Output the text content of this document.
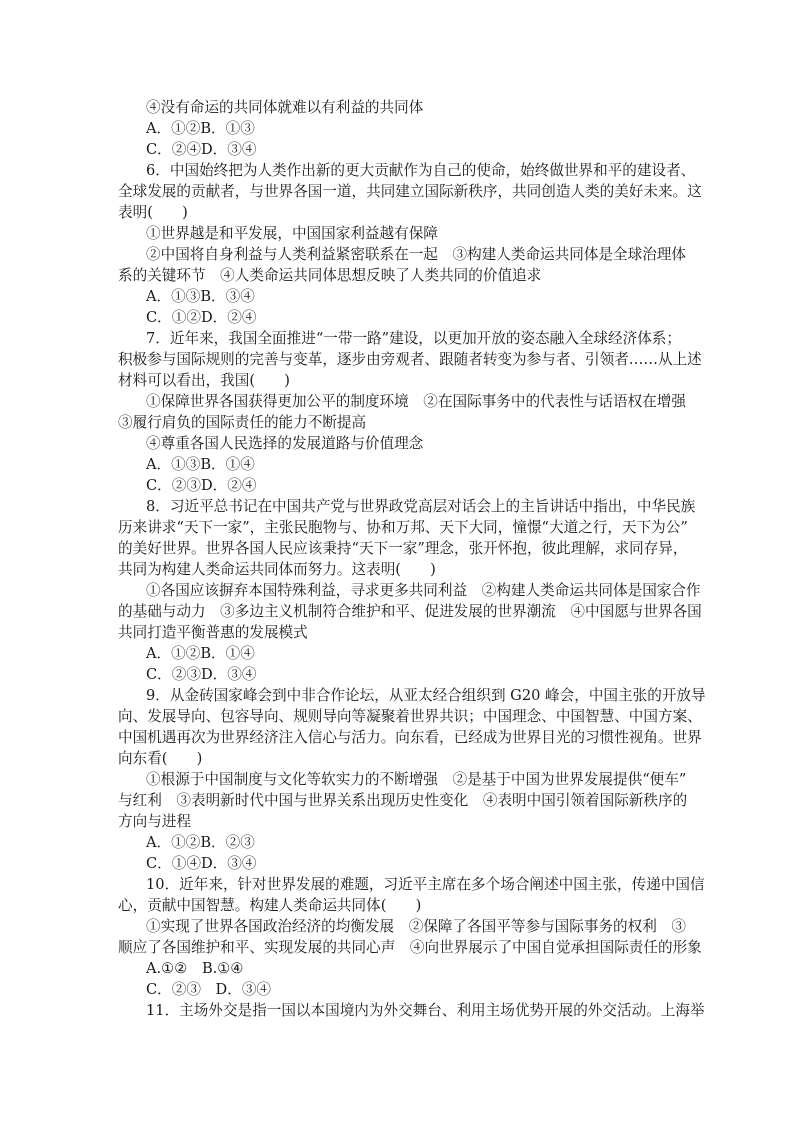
④没有命运的共同体就难以有利益的共同体
A．①②B．①③
C．②④D．③④
6．中国始终把为人类作出新的更大贡献作为自己的使命，始终做世界和平的建设者、
全球发展的贡献者，与世界各国一道，共同建立国际新秩序，共同创造人类的美好未来。这
表明(　　)
①世界越是和平发展，中国国家利益越有保障
②中国将自身利益与人类利益紧密联系在一起　③构建人类命运共同体是全球治理体
系的关键环节　④人类命运共同体思想反映了人类共同的价值追求
A．①③B．③④
C．①②D．②④
7．近年来，我国全面推进“一带一路”建设，以更加开放的姿态融入全球经济体系；
积极参与国际规则的完善与变革，逐步由旁观者、跟随者转变为参与者、引领者……从上述
材料可以看出，我国(　　)
①保障世界各国获得更加公平的制度环境　②在国际事务中的代表性与话语权在增强
③履行肩负的国际责任的能力不断提高
④尊重各国人民选择的发展道路与价值理念
A．①③B．①④
C．②③D．②④
8．习近平总书记在中国共产党与世界政党高层对话会上的主旨讲话中指出，中华民族
历来讲求“天下一家”，主张民胞物与、协和万邦、天下大同，憧憬“大道之行，天下为公”
的美好世界。世界各国人民应该秉持“天下一家”理念，张开怀抱，彼此理解，求同存异，
共同为构建人类命运共同体而努力。这表明(　　)
①各国应该摒弃本国特殊利益，寻求更多共同利益　②构建人类命运共同体是国家合作
的基础与动力　③多边主义机制符合维护和平、促进发展的世界潮流　④中国愿与世界各国
共同打造平衡普惠的发展模式
A．①②B．①④
C．②③D．③④
9．从金砖国家峰会到中非合作论坛，从亚太经合组织到 G20 峰会，中国主张的开放导
向、发展导向、包容导向、规则导向等凝聚着世界共识；中国理念、中国智慧、中国方案、
中国机遇再次为世界经济注入信心与活力。向东看，已经成为世界目光的习惯性视角。世界
向东看(　　)
①根源于中国制度与文化等软实力的不断增强　②是基于中国为世界发展提供“便车”
与红利　③表明新时代中国与世界关系出现历史性变化　④表明中国引领着国际新秩序的
方向与进程
A．①②B．②③
C．①④D．③④
10．近年来，针对世界发展的难题，习近平主席在多个场合阐述中国主张，传递中国信
心，贡献中国智慧。构建人类命运共同体(　　)
①实现了世界各国政治经济的均衡发展　②保障了各国平等参与国际事务的权利　③
顺应了各国维护和平、实现发展的共同心声　④向世界展示了中国自觉承担国际责任的形象
A.①②　B.①④
C．②③　D．③④
11．主场外交是指一国以本国境内为外交舞台、利用主场优势开展的外交活动。上海举
